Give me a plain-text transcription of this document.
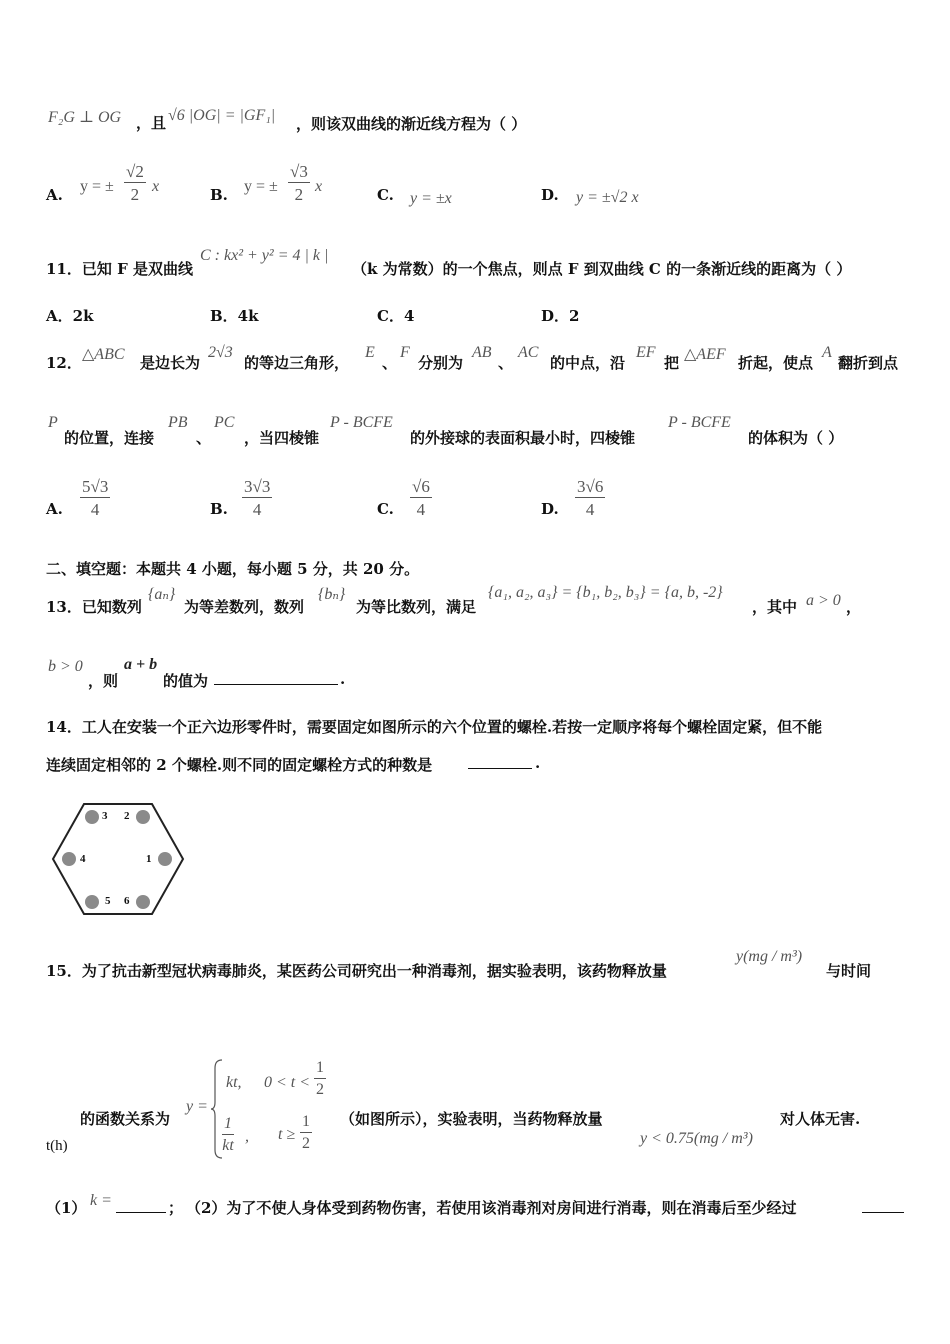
F₂G ⊥ OG ，且 √6 |OG| = |GF₁| ，则该双曲线的渐近线方程为（ ）
A. y = ± $\frac{√2}{2}$ x	B. y = ± $\frac{√3}{2}$ x	C. y = ±x	D. y = ±√2 x
11．已知 F 是双曲线
C : kx² + y² = 4 | k |
（k 为常数）的一个焦点，则点 F 到双曲线 C 的一条渐近线的距离为（ ）
A．2k	B．4k	C．4	D．2
12． △ABC 是边长为
2√3
的等边三角形，
E
、
F
分别为
AB
、
AC
的中点，沿
EF
把 △AEF 折起，使点
A
翻折到点
P
的位置，连接
PB
、
PC
，当四棱锥
P - BCFE
的外接球的表面积最小时，四棱锥
P - BCFE
的体积为（ ）
A. $\frac{5√3}{4}$	B. $\frac{3√3}{4}$	C. $\frac{√6}{4}$	D. $\frac{3√6}{4}$
二、填空题：本题共 4 小题，每小题 5 分，共 20 分。
13．已知数列
{aₙ}
为等差数列，数列
{bₙ}
为等比数列，满足
{a₁, a₂, a₃} = {b₁, b₂, b₃} = {a, b, -2}
，其中 a > 0 ，
b > 0
，则
a + b
的值为	.
14．工人在安装一个正六边形零件时，需要固定如图所示的六个位置的螺栓.若按一定顺序将每个螺栓固定紧，但不能
连续固定相邻的 2 个螺栓.则不同的固定螺栓方式的种数是	.
3 2
4	1
5 6
15．为了抗击新型冠状病毒肺炎，某医药公司研究出一种消毒剂，据实验表明，该药物释放量
y(mg / m³)
与时间
的函数关系为
t(h)
y =
kt, $0 < t < \frac{1}{2}$
$\frac{1}{kt}$ , $t \ge \frac{1}{2}$ （如图所示），实验表明，当药物释放量
y < 0.75(mg / m³)
对人体无害.
（1） k =	； （2）为了不使人身体受到药物伤害，若使用该消毒剂对房间进行消毒，则在消毒后至少经过
